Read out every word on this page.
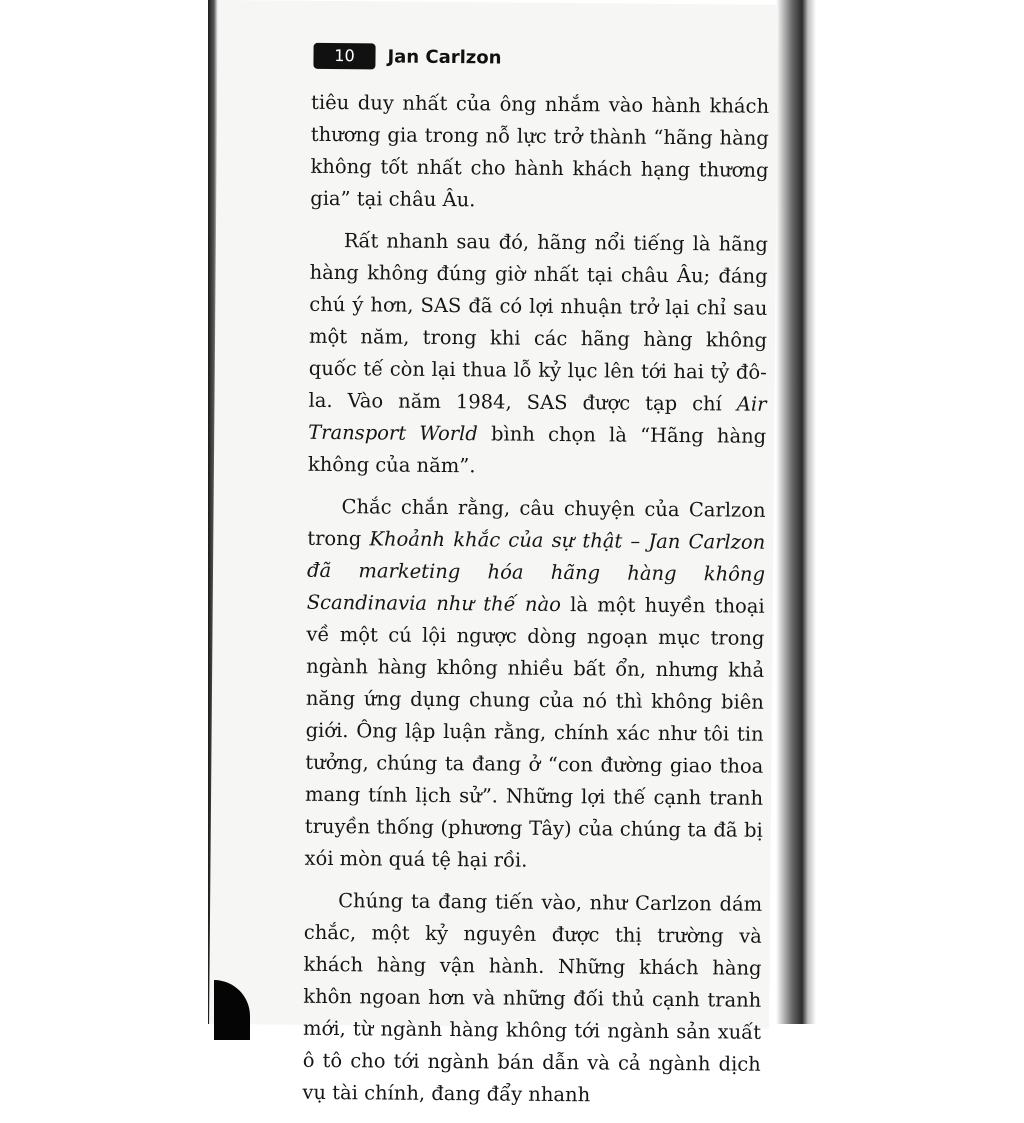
10	Jan Carlzon

tiêu duy nhất của ông nhắm vào hành khách thương gia trong nỗ lực trở thành “hãng hàng không tốt nhất cho hành khách hạng thương gia” tại châu Âu.

Rất nhanh sau đó, hãng nổi tiếng là hãng hàng không đúng giờ nhất tại châu Âu; đáng chú ý hơn, SAS đã có lợi nhuận trở lại chỉ sau một năm, trong khi các hãng hàng không quốc tế còn lại thua lỗ kỷ lục lên tới hai tỷ đô-la. Vào năm 1984, SAS được tạp chí Air Transport World bình chọn là “Hãng hàng không của năm”.

Chắc chắn rằng, câu chuyện của Carlzon trong Khoảnh khắc của sự thật – Jan Carlzon đã marketing hóa hãng hàng không Scandinavia như thế nào là một huyền thoại về một cú lội ngược dòng ngoạn mục trong ngành hàng không nhiều bất ổn, nhưng khả năng ứng dụng chung của nó thì không biên giới. Ông lập luận rằng, chính xác như tôi tin tưởng, chúng ta đang ở “con đường giao thoa mang tính lịch sử”. Những lợi thế cạnh tranh truyền thống (phương Tây) của chúng ta đã bị xói mòn quá tệ hại rồi.

Chúng ta đang tiến vào, như Carlzon dám chắc, một kỷ nguyên được thị trường và khách hàng vận hành. Những khách hàng khôn ngoan hơn và những đối thủ cạnh tranh mới, từ ngành hàng không tới ngành sản xuất ô tô cho tới ngành bán dẫn và cả ngành dịch vụ tài chính, đang đẩy nhanh
